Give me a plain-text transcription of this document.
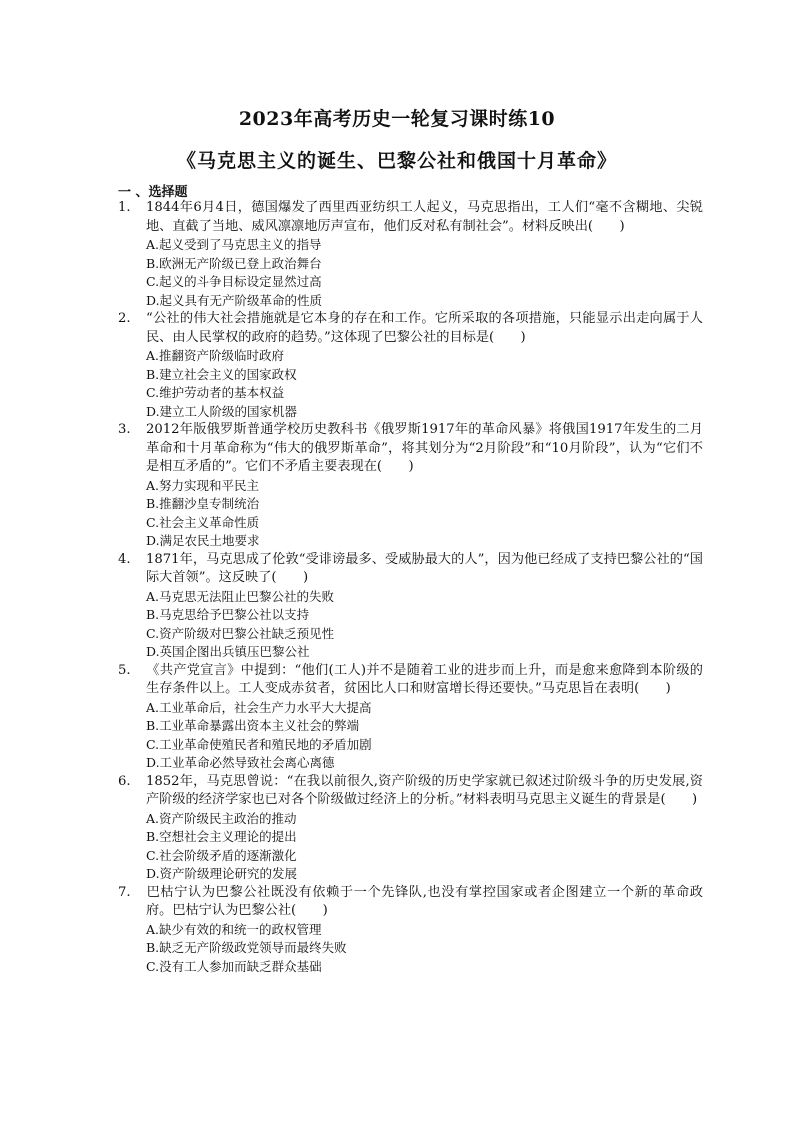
2023年高考历史一轮复习课时练10
《马克思主义的诞生、巴黎公社和俄国十月革命》
一 、选择题
1. 1844年6月4日，德国爆发了西里西亚纺织工人起义，马克思指出，工人们“毫不含糊地、尖锐地、直截了当地、威风凛凛地厉声宣布，他们反对私有制社会”。材料反映出(　　)
A.起义受到了马克思主义的指导
B.欧洲无产阶级已登上政治舞台
C.起义的斗争目标设定显然过高
D.起义具有无产阶级革命的性质
2. “公社的伟大社会措施就是它本身的存在和工作。它所采取的各项措施，只能显示出走向属于人民、由人民掌权的政府的趋势。”这体现了巴黎公社的目标是(　　)
A.推翻资产阶级临时政府
B.建立社会主义的国家政权
C.维护劳动者的基本权益
D.建立工人阶级的国家机器
3. 2012年版俄罗斯普通学校历史教科书《俄罗斯1917年的革命风暴》将俄国1917年发生的二月革命和十月革命称为“伟大的俄罗斯革命”，将其划分为“2月阶段”和“10月阶段”，认为“它们不是相互矛盾的”。它们不矛盾主要表现在(　　)
A.努力实现和平民主
B.推翻沙皇专制统治
C.社会主义革命性质
D.满足农民土地要求
4. 1871年，马克思成了伦敦“受诽谤最多、受威胁最大的人”，因为他已经成了支持巴黎公社的“国际大首领”。这反映了(　　)
A.马克思无法阻止巴黎公社的失败
B.马克思给予巴黎公社以支持
C.资产阶级对巴黎公社缺乏预见性
D.英国企图出兵镇压巴黎公社
5. 《共产党宣言》中提到：“他们(工人)并不是随着工业的进步而上升，而是愈来愈降到本阶级的生存条件以上。工人变成赤贫者，贫困比人口和财富增长得还要快。”马克思旨在表明(　　)
A.工业革命后，社会生产力水平大大提高
B.工业革命暴露出资本主义社会的弊端
C.工业革命使殖民者和殖民地的矛盾加剧
D.工业革命必然导致社会离心离德
6. 1852年，马克思曾说：“在我以前很久,资产阶级的历史学家就已叙述过阶级斗争的历史发展,资产阶级的经济学家也已对各个阶级做过经济上的分析。”材料表明马克思主义诞生的背景是(　　)
A.资产阶级民主政治的推动
B.空想社会主义理论的提出
C.社会阶级矛盾的逐渐激化
D.资产阶级理论研究的发展
7. 巴枯宁认为巴黎公社既没有依赖于一个先锋队,也没有掌控国家或者企图建立一个新的革命政府。巴枯宁认为巴黎公社(　　)
A.缺少有效的和统一的政权管理
B.缺乏无产阶级政党领导而最终失败
C.没有工人参加而缺乏群众基础
